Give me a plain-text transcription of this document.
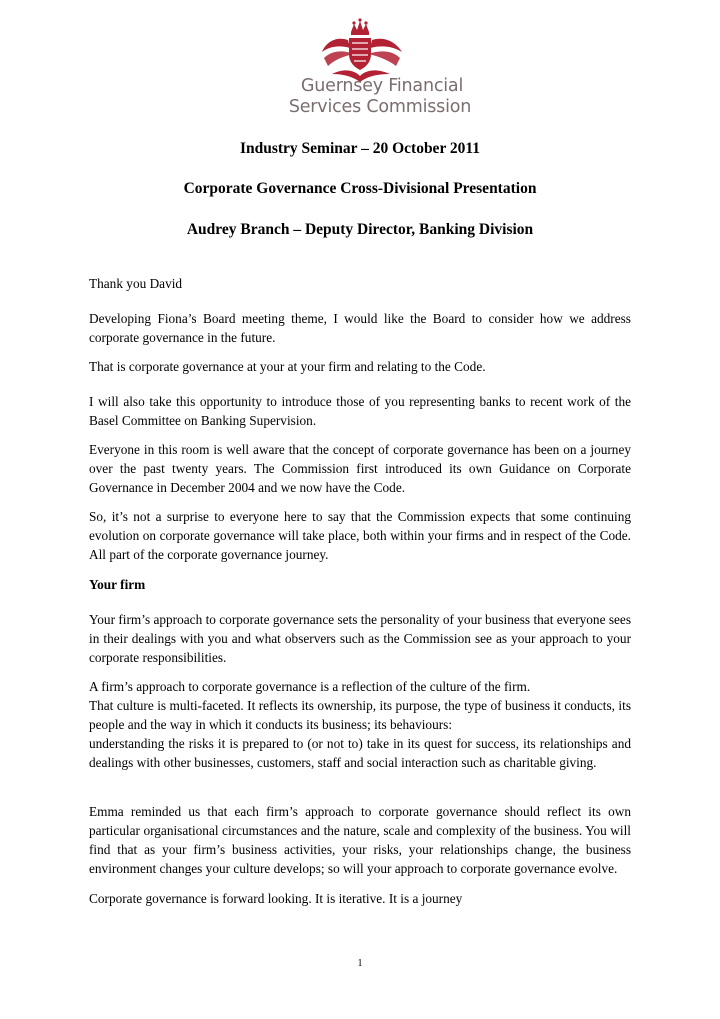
Guernsey Financial
Services Commission
Industry Seminar – 20 October 2011
Corporate Governance Cross-Divisional Presentation
Audrey Branch – Deputy Director, Banking Division

Thank you David

Developing Fiona’s Board meeting theme, I would like the Board to consider how we address corporate governance in the future.

That is corporate governance at your at your firm and relating to the Code.

I will also take this opportunity to introduce those of you representing banks to recent work of the Basel Committee on Banking Supervision.

Everyone in this room is well aware that the concept of corporate governance has been on a journey over the past twenty years. The Commission first introduced its own Guidance on Corporate Governance in December 2004 and we now have the Code.

So, it’s not a surprise to everyone here to say that the Commission expects that some continuing evolution on corporate governance will take place, both within your firms and in respect of the Code. All part of the corporate governance journey.

Your firm

Your firm’s approach to corporate governance sets the personality of your business that everyone sees in their dealings with you and what observers such as the Commission see as your approach to your corporate responsibilities.

A firm’s approach to corporate governance is a reflection of the culture of the firm.

That culture is multi-faceted. It reflects its ownership, its purpose, the type of business it conducts, its people and the way in which it conducts its business; its behaviours:

understanding the risks it is prepared to (or not to) take in its quest for success, its relationships and dealings with other businesses, customers, staff and social interaction such as charitable giving.

Emma reminded us that each firm’s approach to corporate governance should reflect its own particular organisational circumstances and the nature, scale and complexity of the business. You will find that as your firm’s business activities, your risks, your relationships change, the business environment changes your culture develops; so will your approach to corporate governance evolve.

Corporate governance is forward looking. It is iterative. It is a journey

1
